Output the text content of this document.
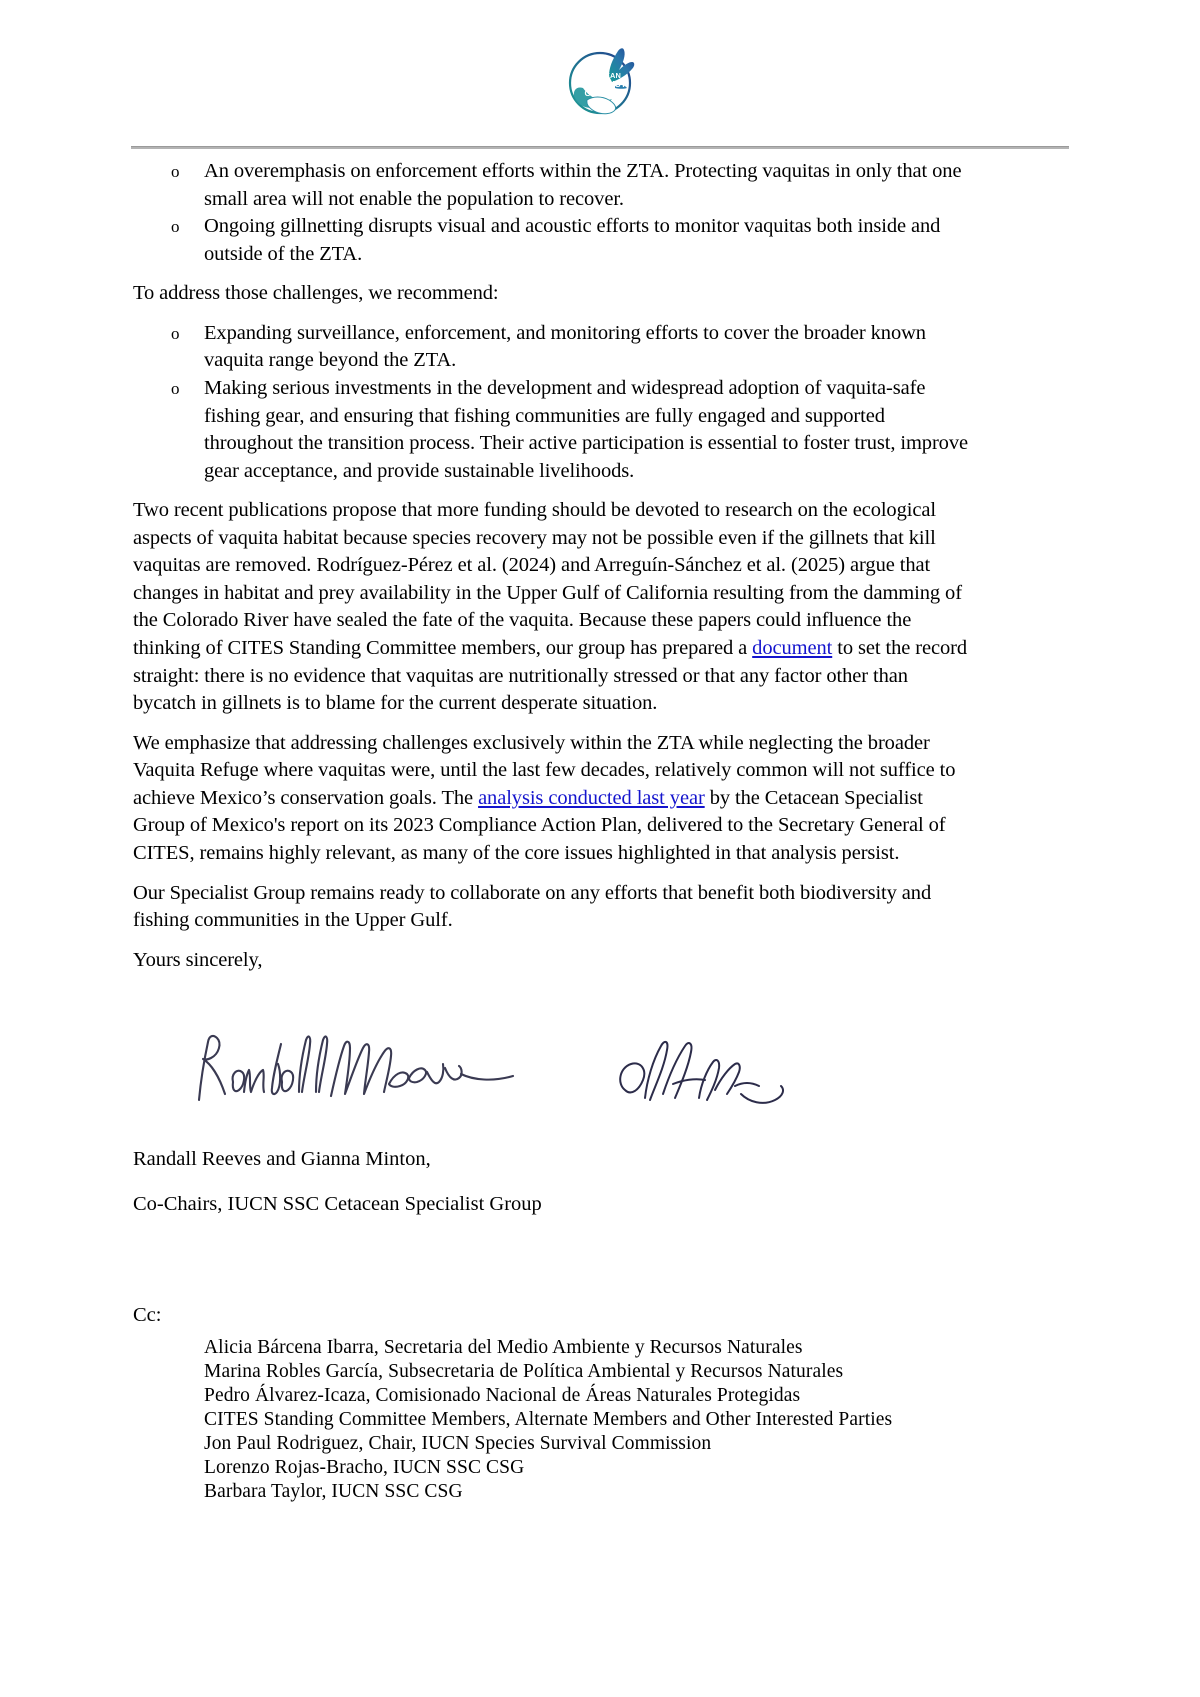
CETACEAN
SPECIALIST
GROUP
o An overemphasis on enforcement efforts within the ZTA. Protecting vaquitas in only that one small area will not enable the population to recover.
o Ongoing gillnetting disrupts visual and acoustic efforts to monitor vaquitas both inside and outside of the ZTA.

To address those challenges, we recommend:

o Expanding surveillance, enforcement, and monitoring efforts to cover the broader known vaquita range beyond the ZTA.
o Making serious investments in the development and widespread adoption of vaquita-safe fishing gear, and ensuring that fishing communities are fully engaged and supported throughout the transition process. Their active participation is essential to foster trust, improve gear acceptance, and provide sustainable livelihoods.

Two recent publications propose that more funding should be devoted to research on the ecological aspects of vaquita habitat because species recovery may not be possible even if the gillnets that kill vaquitas are removed. Rodríguez-Pérez et al. (2024) and Arreguín-Sánchez et al. (2025) argue that changes in habitat and prey availability in the Upper Gulf of California resulting from the damming of the Colorado River have sealed the fate of the vaquita. Because these papers could influence the thinking of CITES Standing Committee members, our group has prepared a document to set the record straight: there is no evidence that vaquitas are nutritionally stressed or that any factor other than bycatch in gillnets is to blame for the current desperate situation.

We emphasize that addressing challenges exclusively within the ZTA while neglecting the broader Vaquita Refuge where vaquitas were, until the last few decades, relatively common will not suffice to achieve Mexico’s conservation goals. The analysis conducted last year by the Cetacean Specialist Group of Mexico's report on its 2023 Compliance Action Plan, delivered to the Secretary General of CITES, remains highly relevant, as many of the core issues highlighted in that analysis persist.

Our Specialist Group remains ready to collaborate on any efforts that benefit both biodiversity and fishing communities in the Upper Gulf.

Yours sincerely,

Randall Reeves and Gianna Minton,

Co-Chairs, IUCN SSC Cetacean Specialist Group

Cc:

Alicia Bárcena Ibarra, Secretaria del Medio Ambiente y Recursos Naturales
Marina Robles García, Subsecretaria de Política Ambiental y Recursos Naturales
Pedro Álvarez-Icaza, Comisionado Nacional de Áreas Naturales Protegidas
CITES Standing Committee Members, Alternate Members and Other Interested Parties
Jon Paul Rodriguez, Chair, IUCN Species Survival Commission
Lorenzo Rojas-Bracho, IUCN SSC CSG
Barbara Taylor, IUCN SSC CSG
